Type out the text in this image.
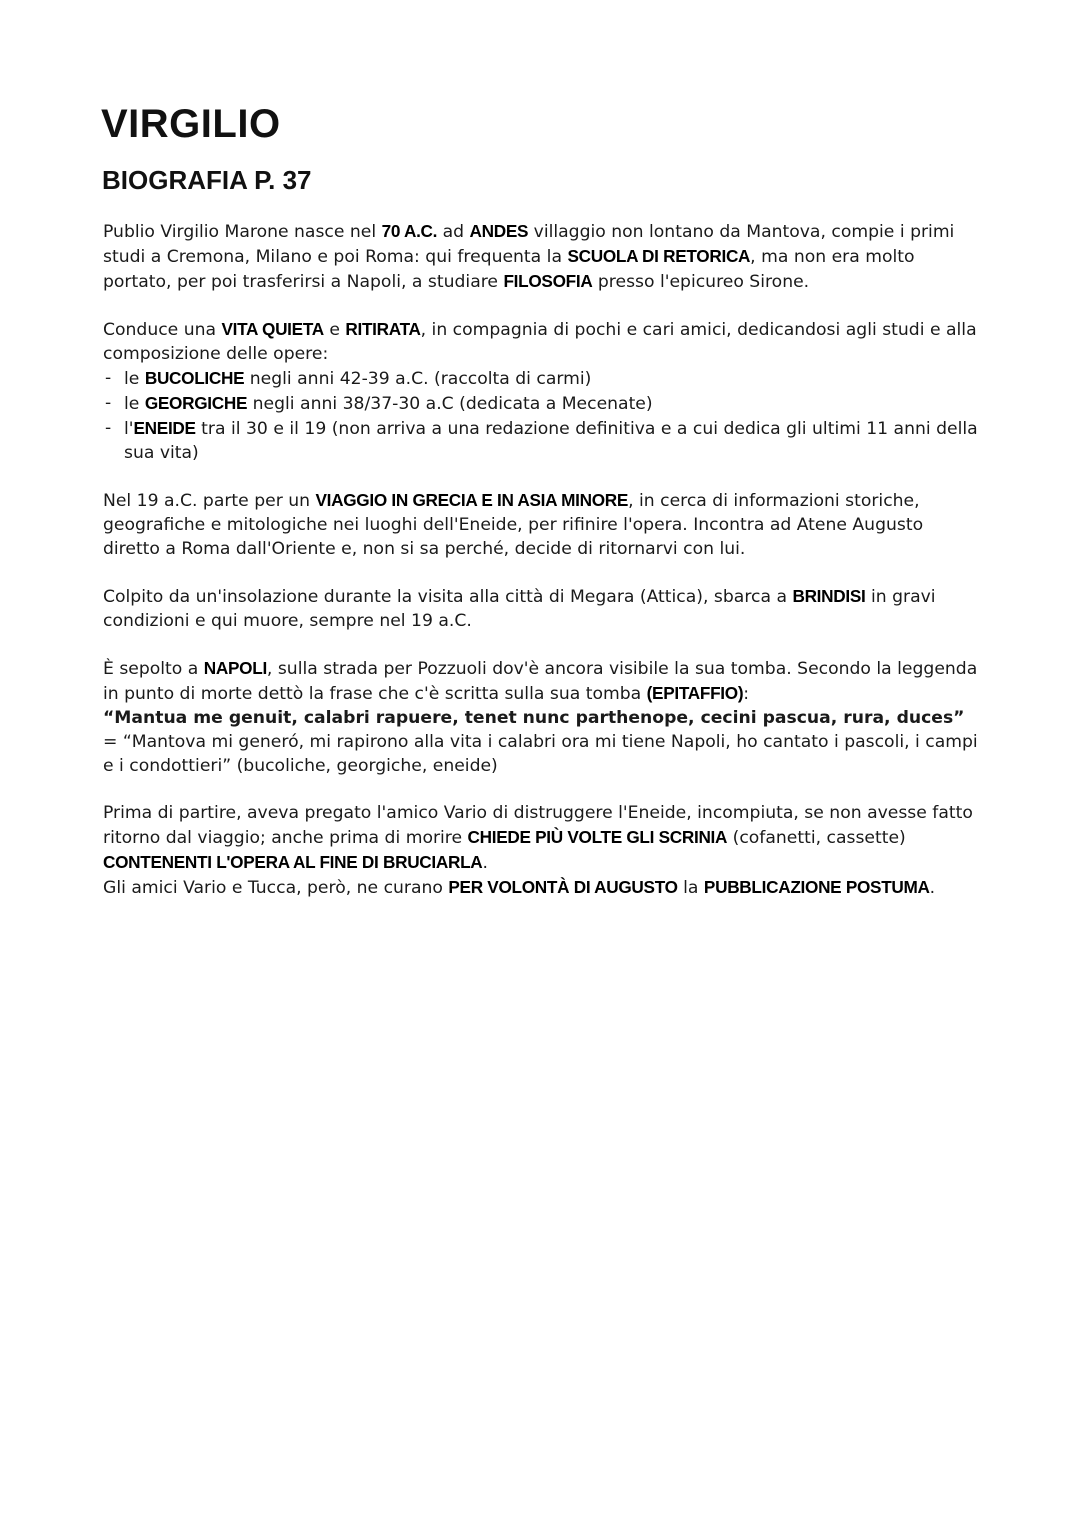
VIRGILIO
BIOGRAFIA P. 37

Publio Virgilio Marone nasce nel 70 A.C. ad ANDES villaggio non lontano da Mantova, compie i primi studi a Cremona, Milano e poi Roma: qui frequenta la SCUOLA DI RETORICA, ma non era molto portato, per poi trasferirsi a Napoli, a studiare FILOSOFIA presso l'epicureo Sirone.

Conduce una VITA QUIETA e RITIRATA, in compagnia di pochi e cari amici, dedicandosi agli studi e alla composizione delle opere:

- le BUCOLICHE negli anni 42-39 a.C. (raccolta di carmi)
- le GEORGICHE negli anni 38/37-30 a.C (dedicata a Mecenate)
- l'ENEIDE tra il 30 e il 19 (non arriva a una redazione definitiva e a cui dedica gli ultimi 11 anni della sua vita)

Nel 19 a.C. parte per un VIAGGIO IN GRECIA E IN ASIA MINORE, in cerca di informazioni storiche, geografiche e mitologiche nei luoghi dell'Eneide, per rifinire l'opera. Incontra ad Atene Augusto diretto a Roma dall'Oriente e, non si sa perché, decide di ritornarvi con lui.

Colpito da un'insolazione durante la visita alla città di Megara (Attica), sbarca a BRINDISI in gravi condizioni e qui muore, sempre nel 19 a.C.

È sepolto a NAPOLI, sulla strada per Pozzuoli dov'è ancora visibile la sua tomba. Secondo la leggenda in punto di morte dettò la frase che c'è scritta sulla sua tomba (EPITAFFIO):
“Mantua me genuit, calabri rapuere, tenet nunc parthenope, cecini pascua, rura, duces” = “Mantova mi generó, mi rapirono alla vita i calabri ora mi tiene Napoli, ho cantato i pascoli, i campi e i condottieri” (bucoliche, georgiche, eneide)

Prima di partire, aveva pregato l'amico Vario di distruggere l'Eneide, incompiuta, se non avesse fatto ritorno dal viaggio; anche prima di morire CHIEDE PIÙ VOLTE GLI SCRINIA (cofanetti, cassette) CONTENENTI L'OPERA AL FINE DI BRUCIARLA.
Gli amici Vario e Tucca, però, ne curano PER VOLONTÀ DI AUGUSTO la PUBBLICAZIONE POSTUMA.
